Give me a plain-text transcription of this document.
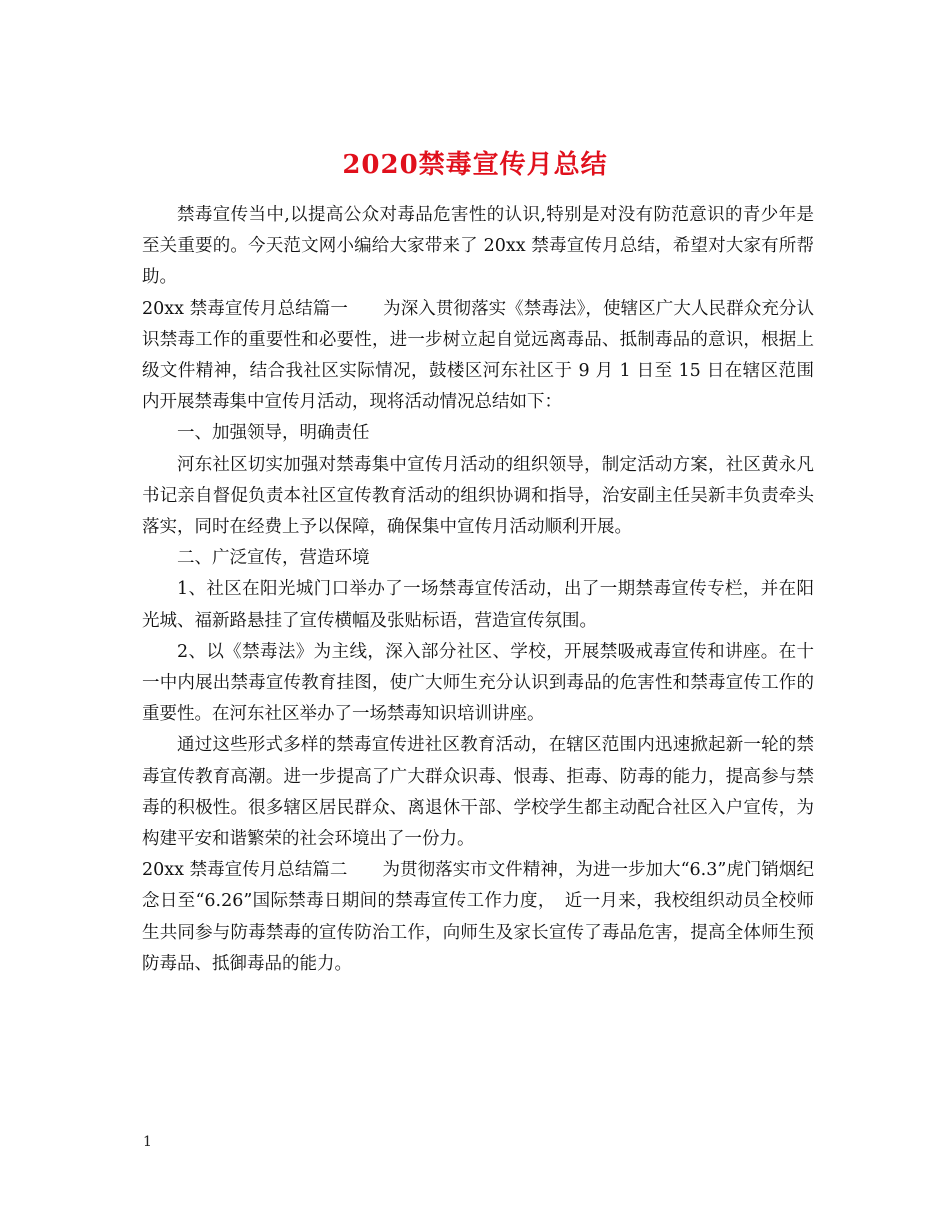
2020禁毒宣传月总结

禁毒宣传当中,以提高公众对毒品危害性的认识,特别是对没有防范意识的青少年是至关重要的。今天范文网小编给大家带来了 20xx 禁毒宣传月总结，希望对大家有所帮助。

20xx 禁毒宣传月总结篇一　　为深入贯彻落实《禁毒法》，使辖区广大人民群众充分认识禁毒工作的重要性和必要性，进一步树立起自觉远离毒品、抵制毒品的意识，根据上级文件精神，结合我社区实际情况，鼓楼区河东社区于 9 月 1 日至 15 日在辖区范围内开展禁毒集中宣传月活动，现将活动情况总结如下：

一、加强领导，明确责任

河东社区切实加强对禁毒集中宣传月活动的组织领导，制定活动方案，社区黄永凡书记亲自督促负责本社区宣传教育活动的组织协调和指导，治安副主任吴新丰负责牵头落实，同时在经费上予以保障，确保集中宣传月活动顺利开展。

二、广泛宣传，营造环境

1、社区在阳光城门口举办了一场禁毒宣传活动，出了一期禁毒宣传专栏，并在阳光城、福新路悬挂了宣传横幅及张贴标语，营造宣传氛围。

2、以《禁毒法》为主线，深入部分社区、学校，开展禁吸戒毒宣传和讲座。在十一中内展出禁毒宣传教育挂图，使广大师生充分认识到毒品的危害性和禁毒宣传工作的重要性。在河东社区举办了一场禁毒知识培训讲座。

通过这些形式多样的禁毒宣传进社区教育活动，在辖区范围内迅速掀起新一轮的禁毒宣传教育高潮。进一步提高了广大群众识毒、恨毒、拒毒、防毒的能力，提高参与禁毒的积极性。很多辖区居民群众、离退休干部、学校学生都主动配合社区入户宣传，为构建平安和谐繁荣的社会环境出了一份力。

20xx 禁毒宣传月总结篇二　　为贯彻落实市文件精神，为进一步加大“6.3”虎门销烟纪念日至“6.26”国际禁毒日期间的禁毒宣传工作力度，　近一月来，我校组织动员全校师生共同参与防毒禁毒的宣传防治工作，向师生及家长宣传了毒品危害，提高全体师生预防毒品、抵御毒品的能力。

1
